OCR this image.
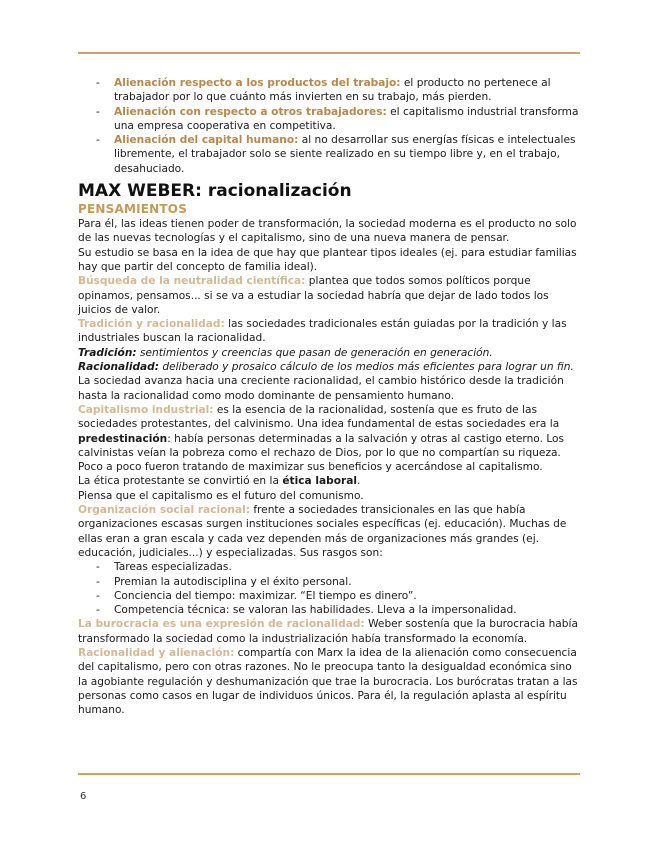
- Alienación respecto a los productos del trabajo: el producto no pertenece al trabajador por lo que cuánto más invierten en su trabajo, más pierden.
- Alienación con respecto a otros trabajadores: el capitalismo industrial transforma una empresa cooperativa en competitiva.
- Alienación del capital humano: al no desarrollar sus energías físicas e intelectuales libremente, el trabajador solo se siente realizado en su tiempo libre y, en el trabajo, desahuciado.
MAX WEBER: racionalización
PENSAMIENTOS

Para él, las ideas tienen poder de transformación, la sociedad moderna es el producto no solo de las nuevas tecnologías y el capitalismo, sino de una nueva manera de pensar.

Su estudio se basa en la idea de que hay que plantear tipos ideales (ej. para estudiar familias hay que partir del concepto de familia ideal).

Búsqueda de la neutralidad científica: plantea que todos somos políticos porque opinamos, pensamos... si se va a estudiar la sociedad habría que dejar de lado todos los juicios de valor.

Tradición y racionalidad: las sociedades tradicionales están guiadas por la tradición y las industriales buscan la racionalidad.

Tradición: sentimientos y creencias que pasan de generación en generación.

Racionalidad: deliberado y prosaico cálculo de los medios más eficientes para lograr un fin.

La sociedad avanza hacia una creciente racionalidad, el cambio histórico desde la tradición hasta la racionalidad como modo dominante de pensamiento humano.

Capitalismo industrial: es la esencia de la racionalidad, sostenía que es fruto de las sociedades protestantes, del calvinismo. Una idea fundamental de estas sociedades era la predestinación: había personas determinadas a la salvación y otras al castigo eterno. Los calvinistas veían la pobreza como el rechazo de Dios, por lo que no compartían su riqueza.

Poco a poco fueron tratando de maximizar sus beneficios y acercándose al capitalismo.

La ética protestante se convirtió en la ética laboral.

Piensa que el capitalismo es el futuro del comunismo.

Organización social racional: frente a sociedades transicionales en las que había organizaciones escasas surgen instituciones sociales específicas (ej. educación). Muchas de ellas eran a gran escala y cada vez dependen más de organizaciones más grandes (ej. educación, judiciales...) y especializadas. Sus rasgos son:

- Tareas especializadas.
- Premian la autodisciplina y el éxito personal.
- Conciencia del tiempo: maximizar. “El tiempo es dinero”.
- Competencia técnica: se valoran las habilidades. Lleva a la impersonalidad.

La burocracia es una expresión de racionalidad: Weber sostenía que la burocracia había transformado la sociedad como la industrialización había transformado la economía.

Racionalidad y alienación: compartía con Marx la idea de la alienación como consecuencia del capitalismo, pero con otras razones. No le preocupa tanto la desigualdad económica sino la agobiante regulación y deshumanización que trae la burocracia. Los burócratas tratan a las personas como casos en lugar de individuos únicos. Para él, la regulación aplasta al espíritu humano.

6
